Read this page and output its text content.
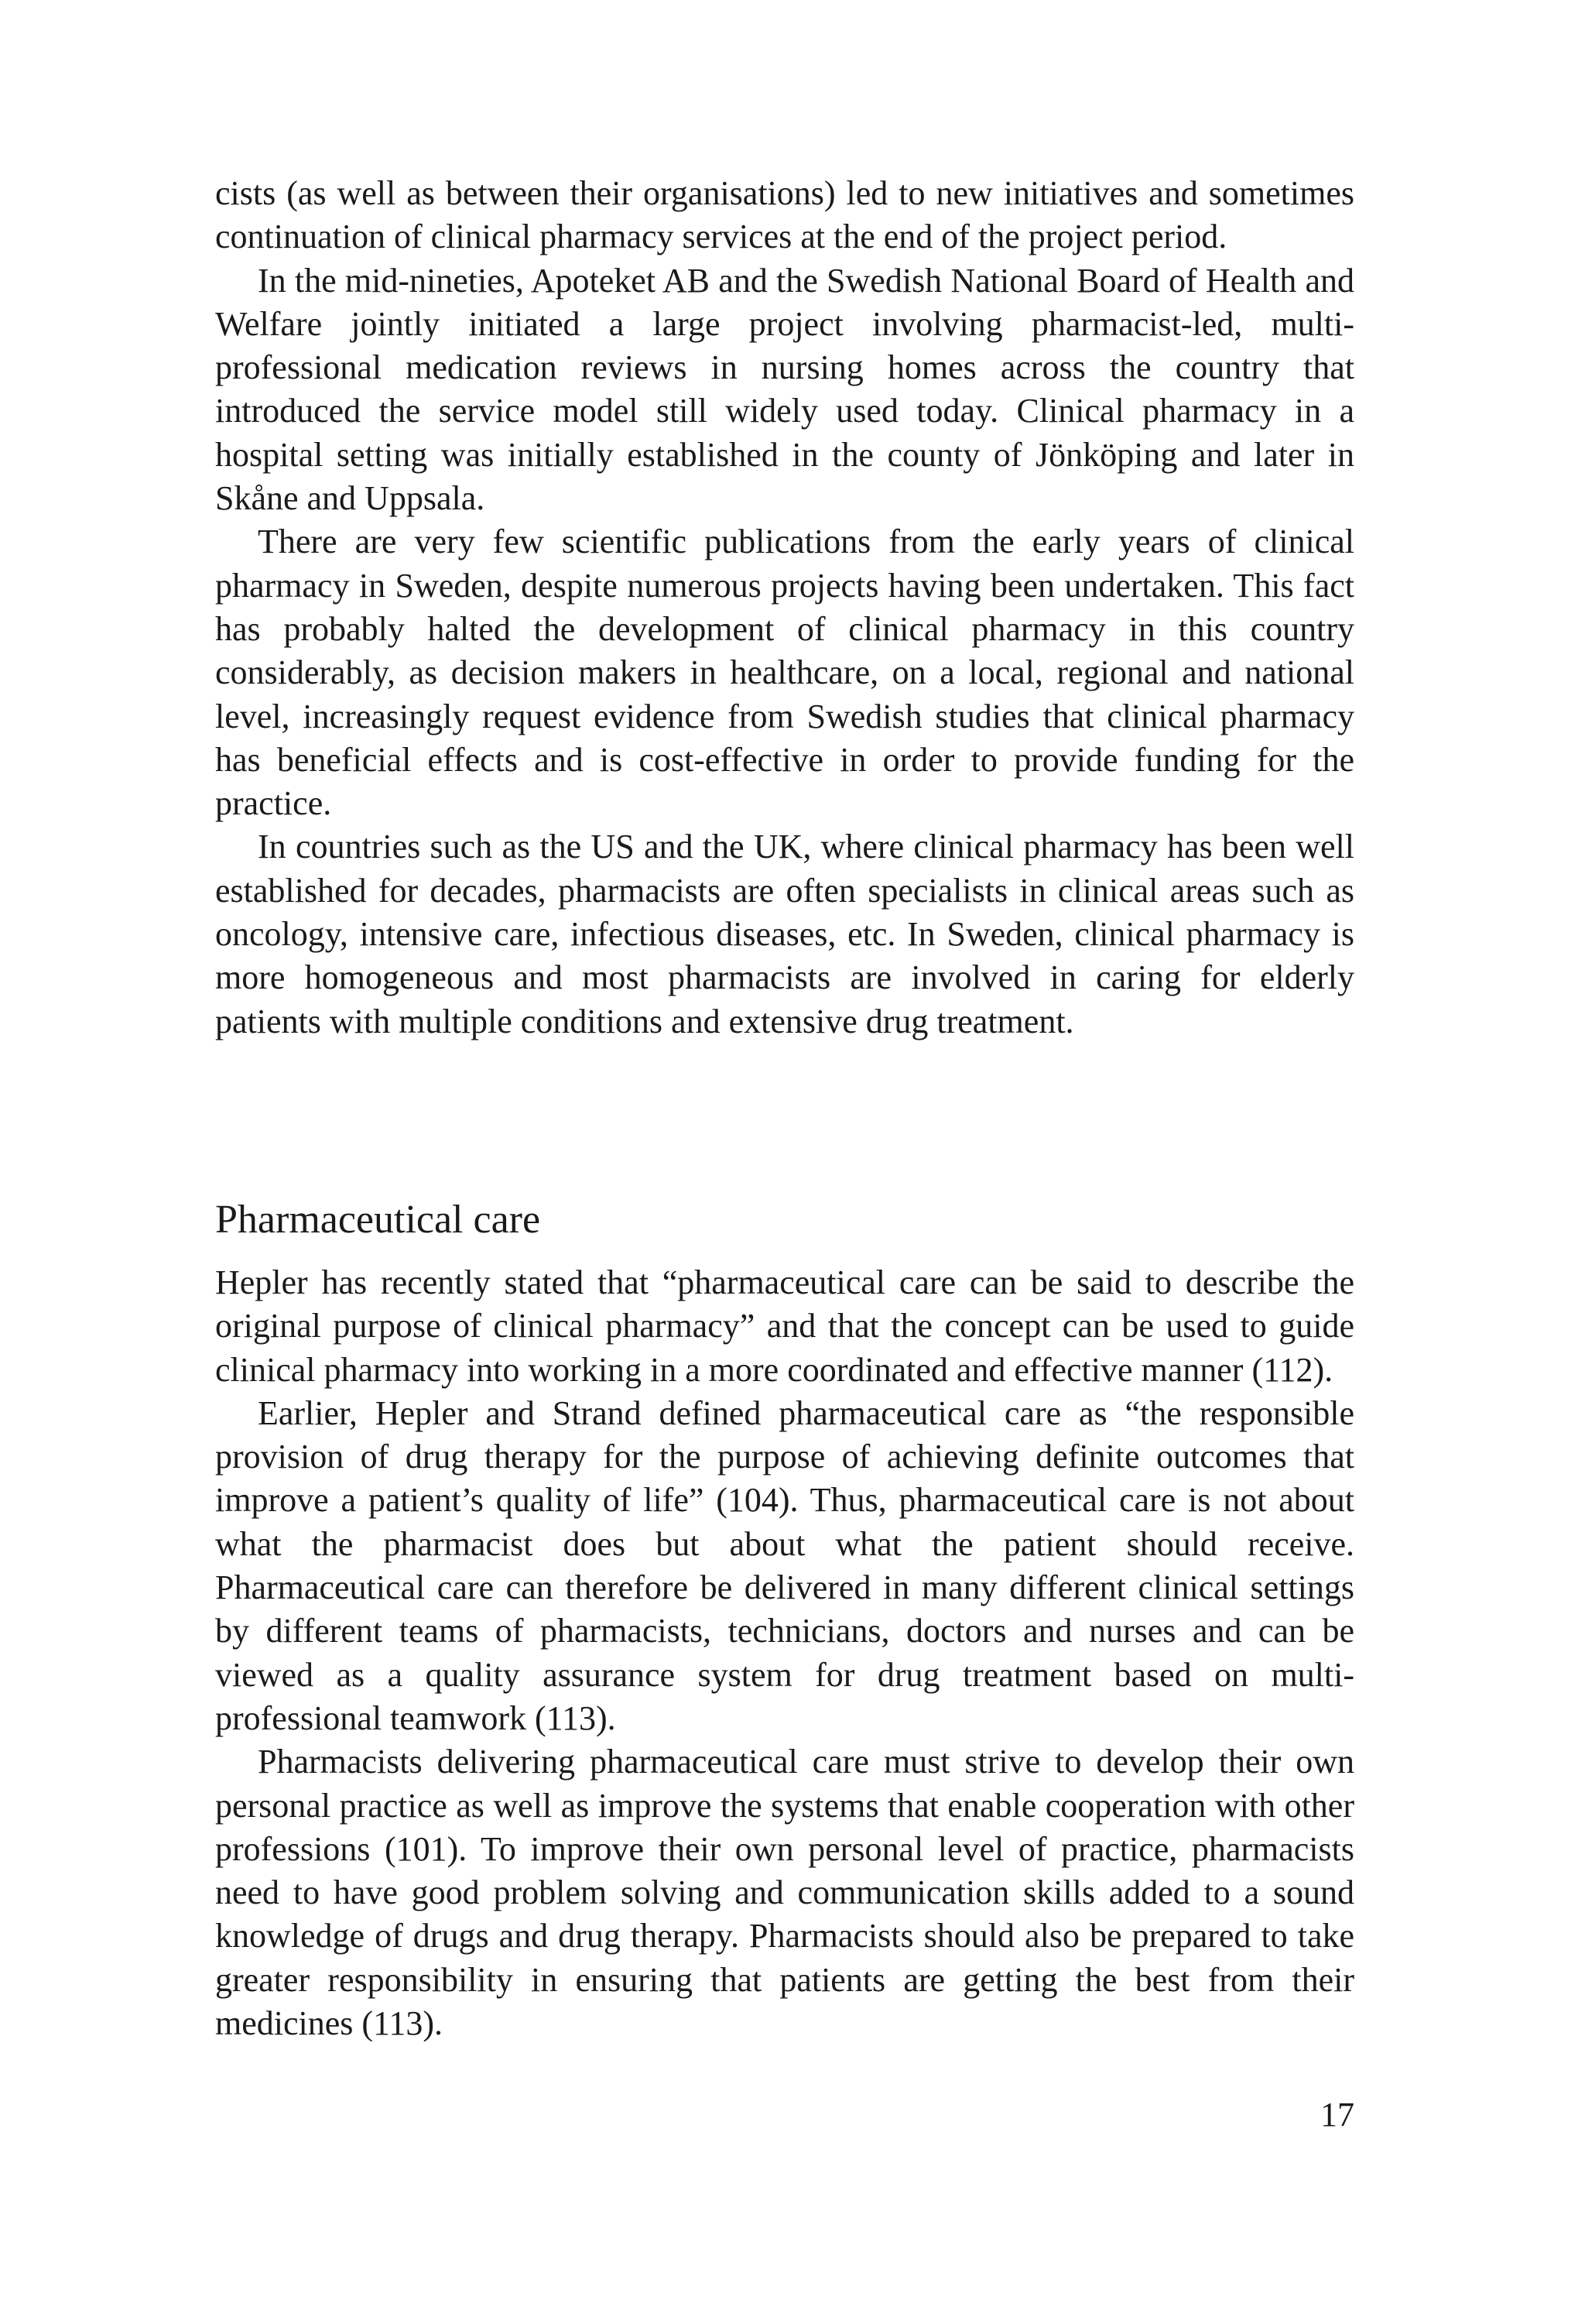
cists (as well as between their organisations) led to new initiatives and sometimes continuation of clinical pharmacy services at the end of the project period.

In the mid-nineties, Apoteket AB and the Swedish National Board of Health and Welfare jointly initiated a large project involving pharmacist-led, multi-professional medication reviews in nursing homes across the country that introduced the service model still widely used today. Clinical pharmacy in a hospital setting was initially established in the county of Jönköping and later in Skåne and Uppsala.

There are very few scientific publications from the early years of clinical pharmacy in Sweden, despite numerous projects having been undertaken. This fact has probably halted the development of clinical pharmacy in this country considerably, as decision makers in healthcare, on a local, regional and national level, increasingly request evidence from Swedish studies that clinical pharmacy has beneficial effects and is cost-effective in order to provide funding for the practice.

In countries such as the US and the UK, where clinical pharmacy has been well established for decades, pharmacists are often specialists in clinical areas such as oncology, intensive care, infectious diseases, etc. In Sweden, clinical pharmacy is more homogeneous and most pharmacists are involved in caring for elderly patients with multiple conditions and extensive drug treatment.

Pharmaceutical care

Hepler has recently stated that “pharmaceutical care can be said to describe the original purpose of clinical pharmacy” and that the concept can be used to guide clinical pharmacy into working in a more coordinated and effective manner (112).

Earlier, Hepler and Strand defined pharmaceutical care as “the responsible provision of drug therapy for the purpose of achieving definite outcomes that improve a patient’s quality of life” (104). Thus, pharmaceutical care is not about what the pharmacist does but about what the patient should receive. Pharmaceutical care can therefore be delivered in many different clinical settings by different teams of pharmacists, technicians, doctors and nurses and can be viewed as a quality assurance system for drug treatment based on multi-professional teamwork (113).

Pharmacists delivering pharmaceutical care must strive to develop their own personal practice as well as improve the systems that enable cooperation with other professions (101). To improve their own personal level of practice, pharmacists need to have good problem solving and communication skills added to a sound knowledge of drugs and drug therapy. Pharmacists should also be prepared to take greater responsibility in ensuring that patients are getting the best from their medicines (113).

17
